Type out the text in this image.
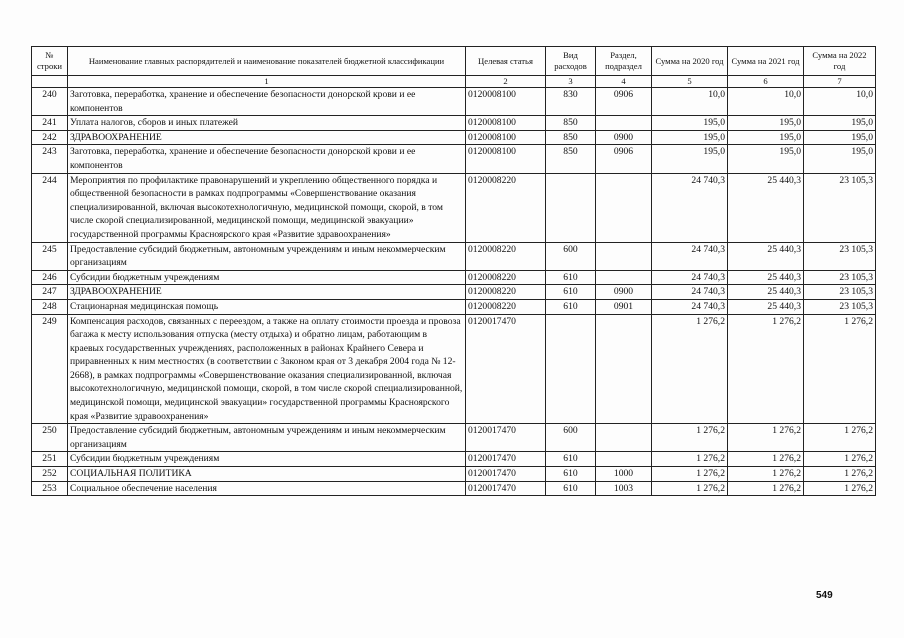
№ строки	Наименование главных распорядителей и наименование показателей бюджетной классификации	Целевая статья	Вид расходов	Раздел, подраздел	Сумма на 2020 год	Сумма на 2021 год	Сумма на 2022 год
	1	2	3	4	5	6	7
240	Заготовка, переработка, хранение и обеспечение безопасности донорской крови и ее компонентов	0120008100	830	0906	10,0	10,0	10,0
241	Уплата налогов, сборов и иных платежей	0120008100	850		195,0	195,0	195,0
242	ЗДРАВООХРАНЕНИЕ	0120008100	850	0900	195,0	195,0	195,0
243	Заготовка, переработка, хранение и обеспечение безопасности донорской крови и ее компонентов	0120008100	850	0906	195,0	195,0	195,0
244	Мероприятия по профилактике правонарушений и укреплению общественного порядка и общественной безопасности в рамках подпрограммы «Совершенствование оказания специализированной, включая высокотехнологичную, медицинской помощи, скорой, в том числе скорой специализированной, медицинской помощи, медицинской эвакуации» государственной программы Красноярского края «Развитие здравоохранения»	0120008220			24 740,3	25 440,3	23 105,3
245	Предоставление субсидий бюджетным, автономным учреждениям и иным некоммерческим организациям	0120008220	600		24 740,3	25 440,3	23 105,3
246	Субсидии бюджетным учреждениям	0120008220	610		24 740,3	25 440,3	23 105,3
247	ЗДРАВООХРАНЕНИЕ	0120008220	610	0900	24 740,3	25 440,3	23 105,3
248	Стационарная медицинская помощь	0120008220	610	0901	24 740,3	25 440,3	23 105,3
249	Компенсация расходов, связанных с переездом, а также на оплату стоимости проезда и провоза багажа к месту использования отпуска (месту отдыха) и обратно лицам, работающим в краевых государственных учреждениях, расположенных в районах Крайнего Севера и приравненных к ним местностях (в соответствии с Законом края от 3 декабря 2004 года № 12-2668), в рамках подпрограммы «Совершенствование оказания специализированной, включая высокотехнологичную, медицинской помощи, скорой, в том числе скорой специализированной, медицинской помощи, медицинской эвакуации» государственной программы Красноярского края «Развитие здравоохранения»	0120017470			1 276,2	1 276,2	1 276,2
250	Предоставление субсидий бюджетным, автономным учреждениям и иным некоммерческим организациям	0120017470	600		1 276,2	1 276,2	1 276,2
251	Субсидии бюджетным учреждениям	0120017470	610		1 276,2	1 276,2	1 276,2
252	СОЦИАЛЬНАЯ ПОЛИТИКА	0120017470	610	1000	1 276,2	1 276,2	1 276,2
253	Социальное обеспечение населения	0120017470	610	1003	1 276,2	1 276,2	1 276,2
549
